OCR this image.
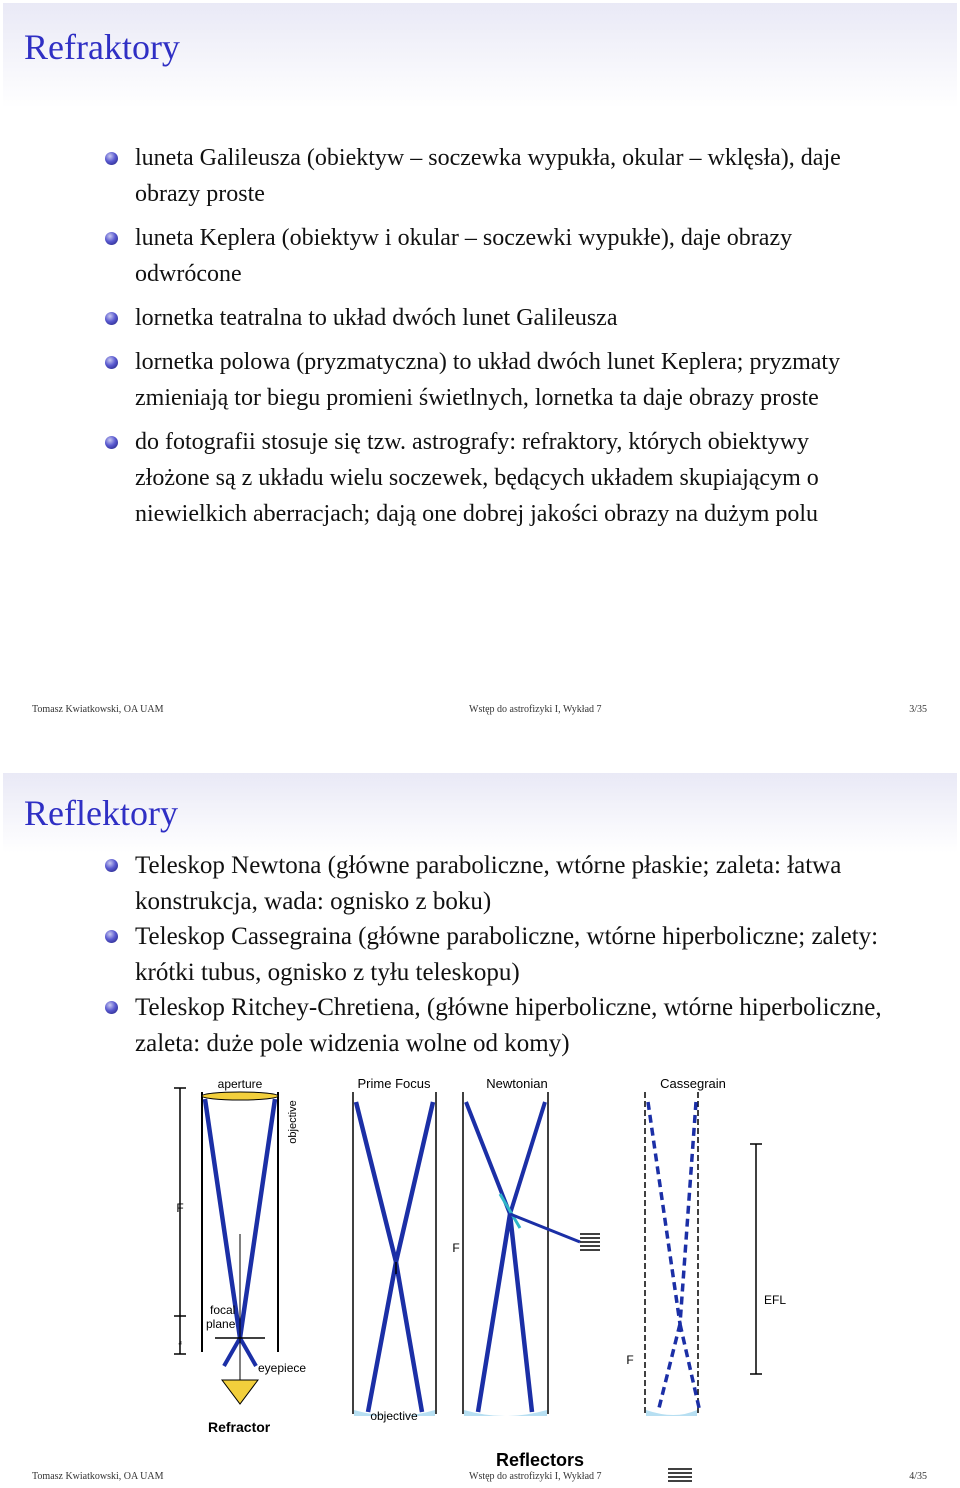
Refraktory
luneta Galileusza (obiektyw – soczewka wypukła, okular – wklęsła), daje obrazy proste
luneta Keplera (obiektyw i okular – soczewki wypukłe), daje obrazy odwrócone
lornetka teatralna to układ dwóch lunet Galileusza
lornetka polowa (pryzmatyczna) to układ dwóch lunet Keplera; pryzmaty zmieniają tor biegu promieni świetlnych, lornetka ta daje obrazy proste
do fotografii stosuje się tzw. astrografy: refraktory, których obiektywy złożone są z układu wielu soczewek, będących układem skupiającym o niewielkich aberracjach; dają one dobrej jakości obrazy na dużym polu
Tomasz Kwiatkowski, OA UAM	Wstęp do astrofizyki I, Wykład 7	3/35
Reflektory
Teleskop Newtona (główne paraboliczne, wtórne płaskie; zaleta: łatwa konstrukcja, wada: ognisko z boku)
Teleskop Cassegraina (główne paraboliczne, wtórne hiperboliczne; zalety: krótki tubus, ognisko z tyłu teleskopu)
Teleskop Ritchey-Chretiena, (główne hiperboliczne, wtórne hiperboliczne, zaleta: duże pole widzenia wolne od komy)
aperture
objective
F
focal
plane
f
eyepiece
Refractor
Prime Focus	Newtonian	Cassegrain
F
objective
EFL
F
Reflectors
Tomasz Kwiatkowski, OA UAM	Wstęp do astrofizyki I, Wykład 7	4/35
